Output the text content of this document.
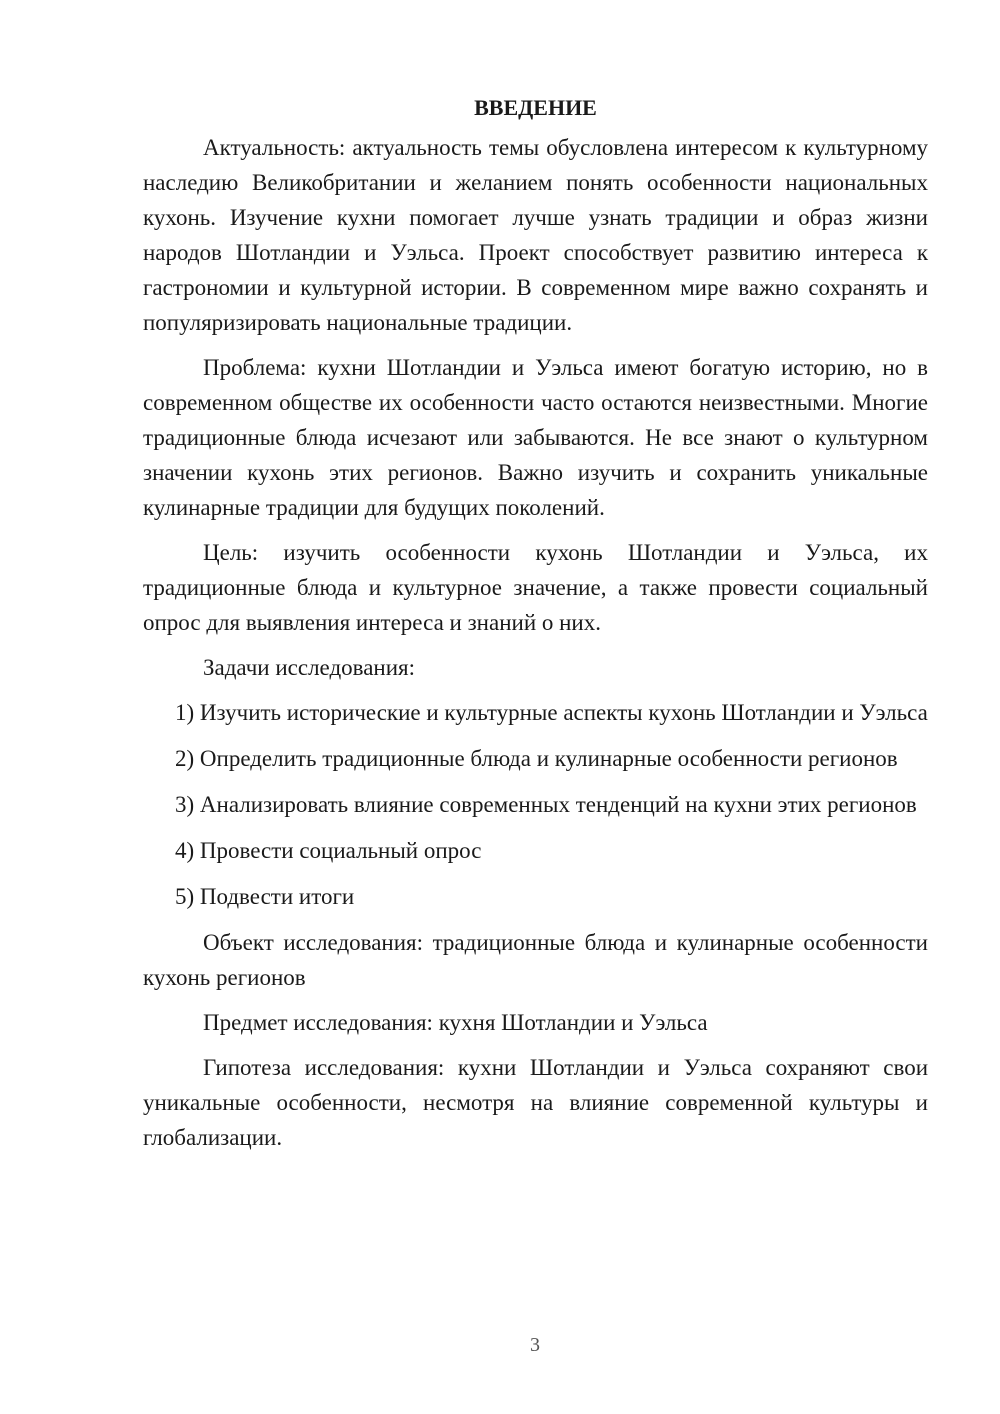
ВВЕДЕНИЕ

Актуальность: актуальность темы обусловлена интересом к культурному наследию Великобритании и желанием понять особенности национальных кухонь. Изучение кухни помогает лучше узнать традиции и образ жизни народов Шотландии и Уэльса. Проект способствует развитию интереса к гастрономии и культурной истории. В современном мире важно сохранять и популяризировать национальные традиции.

Проблема: кухни Шотландии и Уэльса имеют богатую историю, но в современном обществе их особенности часто остаются неизвестными. Многие традиционные блюда исчезают или забываются. Не все знают о культурном значении кухонь этих регионов. Важно изучить и сохранить уникальные кулинарные традиции для будущих поколений.

Цель: изучить особенности кухонь Шотландии и Уэльса, их традиционные блюда и культурное значение, а также провести социальный опрос для выявления интереса и знаний о них.

Задачи исследования:

1) Изучить исторические и культурные аспекты кухонь Шотландии и Уэльса

2) Определить традиционные блюда и кулинарные особенности регионов

3) Анализировать влияние современных тенденций на кухни этих регионов

4) Провести социальный опрос

5) Подвести итоги

Объект исследования: традиционные блюда и кулинарные особенности кухонь регионов

Предмет исследования: кухня Шотландии и Уэльса

Гипотеза исследования: кухни Шотландии и Уэльса сохраняют свои уникальные особенности, несмотря на влияние современной культуры и глобализации.

3
